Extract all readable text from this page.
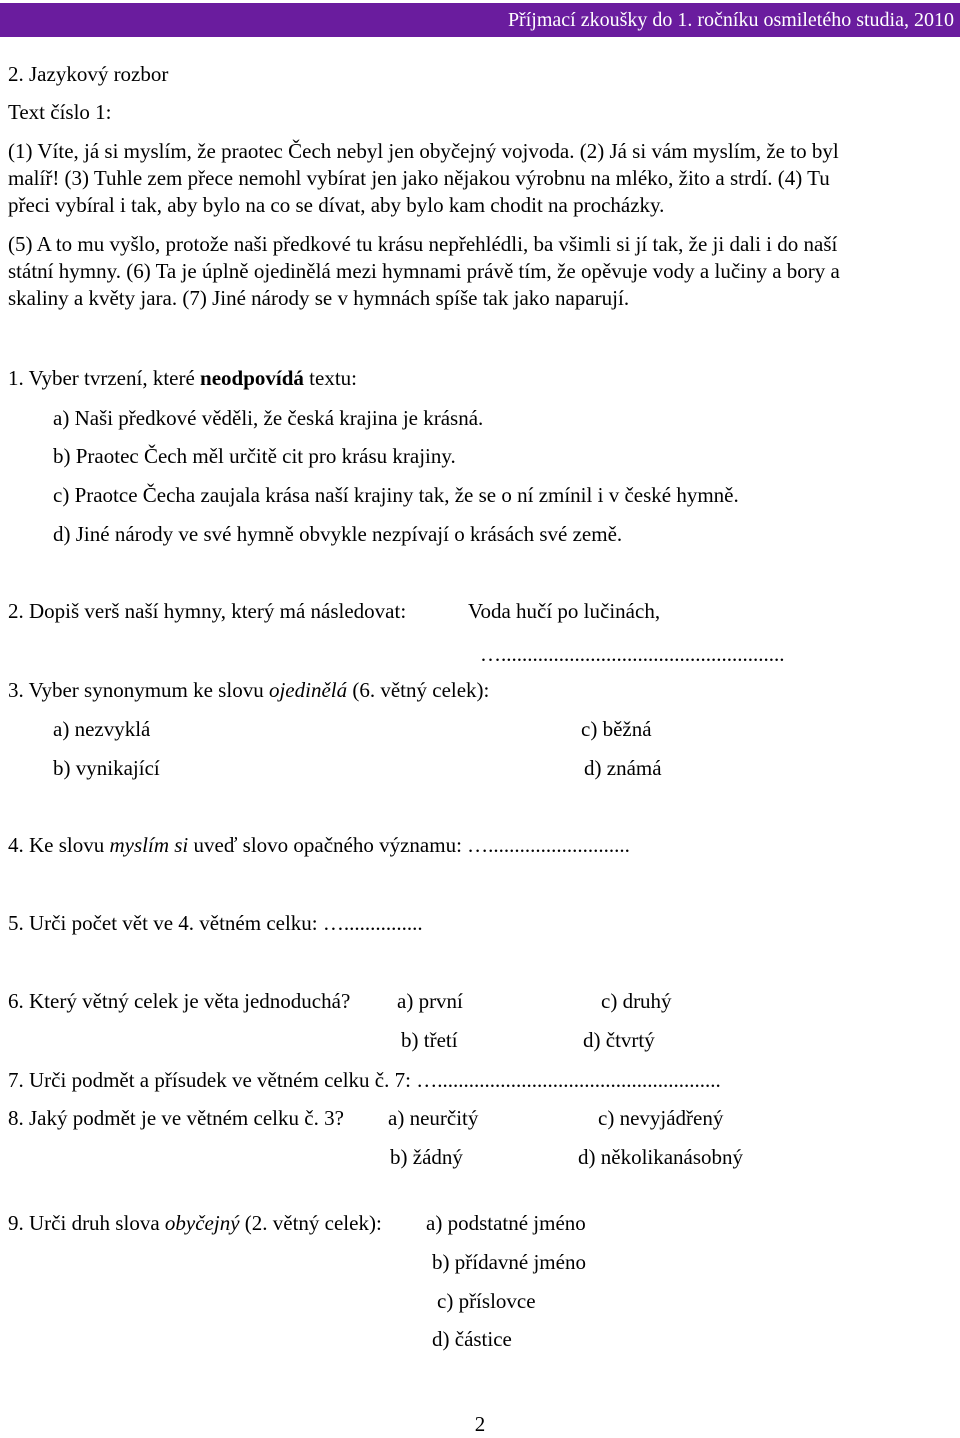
Příjmací zkoušky do 1. ročníku osmiletého studia, 2010
2. Jazykový rozbor
Text číslo 1:

(1) Víte, já si myslím, že praotec Čech nebyl jen obyčejný vojvoda. (2) Já si vám myslím, že to byl

malíř! (3) Tuhle zem přece nemohl vybírat jen jako nějakou výrobnu na mléko, žito a strdí. (4) Tu

přeci vybíral i tak, aby bylo na co se dívat, aby bylo kam chodit na procházky.

(5) A to mu vyšlo, protože naši předkové tu krásu nepřehlédli, ba všimli si jí tak, že ji dali i do naší

státní hymny. (6) Ta je úplně ojedinělá mezi hymnami právě tím, že opěvuje vody a lučiny a bory a

skaliny a květy jara. (7) Jiné národy se v hymnách spíše tak jako naparují.

1. Vyber tvrzení, které neodpovídá textu:
a) Naši předkové věděli, že česká krajina je krásná.
b) Praotec Čech měl určitě cit pro krásu krajiny.
c) Praotce Čecha zaujala krása naší krajiny tak, že se o ní zmínil i v české hymně.
d) Jiné národy ve své hymně obvykle nezpívají o krásách své země.
2. Dopiš verš naší hymny, který má následovat:	Voda hučí po lučinách,
…......................................................
3. Vyber synonymum ke slovu ojedinělá (6. větný celek):
a) nezvyklá
b) vynikající
c) běžná
d) známá
4. Ke slovu myslím si uveď slovo opačného významu: …...........................
5. Urči počet vět ve 4. větném celku: …...............
6. Který větný celek je věta jednoduchá? a) první	c) druhý
b) třetí	d) čtvrtý
7. Urči podmět a přísudek ve větném celku č. 7: …......................................................
8. Jaký podmět je ve větném celku č. 3? a) neurčitý	c) nevyjádřený
b) žádný	d) několikanásobný
9. Urči druh slova obyčejný (2. větný celek): a) podstatné jméno
b) přídavné jméno
c) příslovce
d) částice
2
